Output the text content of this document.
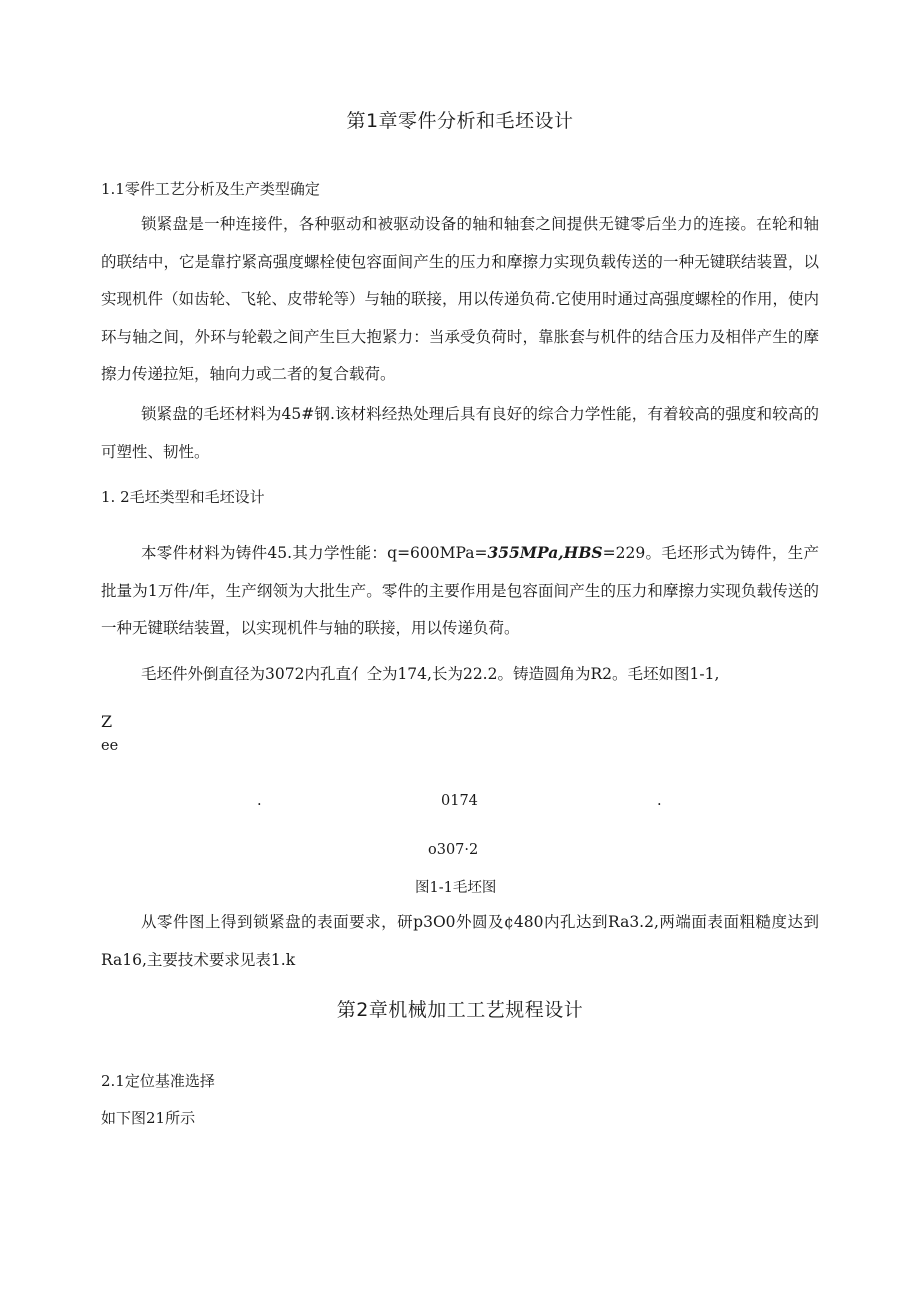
第1章零件分析和毛坯设计
1.1零件工艺分析及生产类型确定
锁紧盘是一种连接件，各种驱动和被驱动设备的轴和轴套之间提供无键零后坐力的连接。在轮和轴的联结中，它是靠拧紧高强度螺栓使包容面间产生的压力和摩擦力实现负载传送的一种无键联结装置，以实现机件（如齿轮、飞轮、皮带轮等）与轴的联接，用以传递负荷.它使用时通过高强度螺栓的作用，使内环与轴之间，外环与轮毂之间产生巨大抱紧力：当承受负荷时，靠胀套与机件的结合压力及相伴产生的摩擦力传递拉矩，轴向力或二者的复合载荷。
锁紧盘的毛坯材料为45#钢.该材料经热处理后具有良好的综合力学性能，有着较高的强度和较高的可塑性、韧性。
1. 2毛坯类型和毛坯设计
本零件材料为铸件45.其力学性能：q=600MPa=355MPa,HBS=229。毛坯形式为铸件，生产批量为1万件/年，生产纲领为大批生产。零件的主要作用是包容面间产生的压力和摩擦力实现负载传送的一种无键联结装置，以实现机件与轴的联接，用以传递负荷。
毛坯件外倒直径为3072内孔直亻仝为174,长为22.2。铸造圆角为R2。毛坯如图1-1,
Z
ee
.	0174	.
o307·2
图1-1毛坯图
从零件图上得到锁紧盘的表面要求，研p3O0外圆及¢480内孔达到Ra3.2,两端面表面粗糙度达到Ra16,主要技术要求见表1.k
第2章机械加工工艺规程设计
2.1定位基准选择
如下图21所示
